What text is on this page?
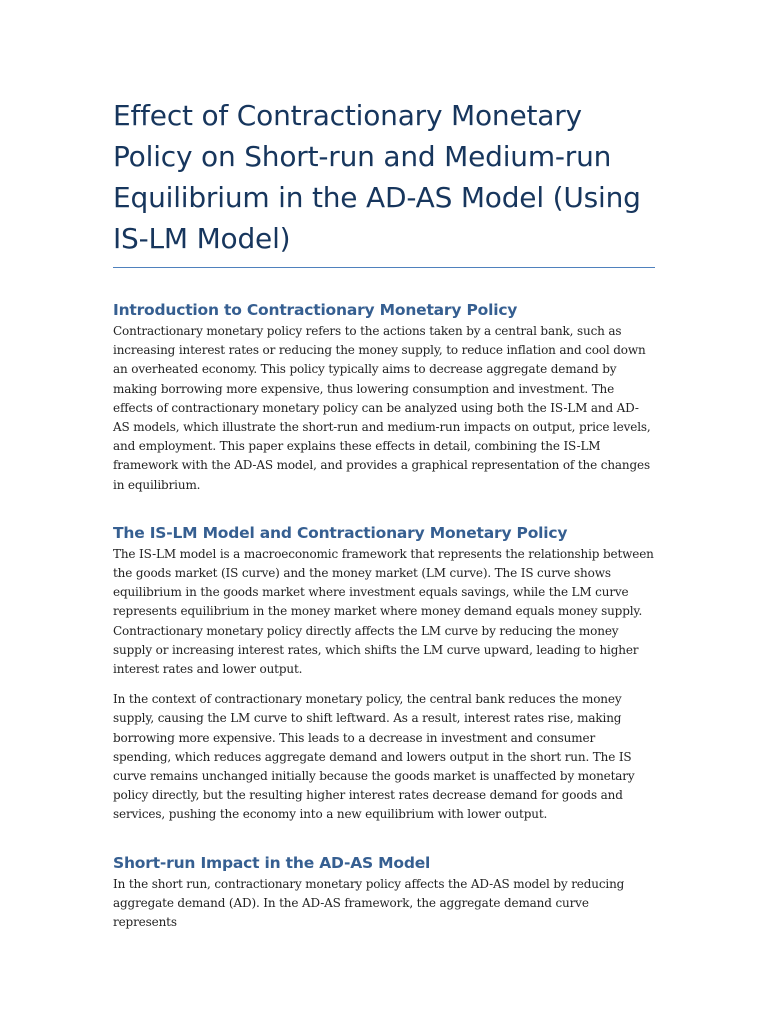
Effect of Contractionary Monetary Policy on Short-run and Medium-run Equilibrium in the AD-AS Model (Using IS-LM Model)
Introduction to Contractionary Monetary Policy

Contractionary monetary policy refers to the actions taken by a central bank, such as increasing interest rates or reducing the money supply, to reduce inflation and cool down an overheated economy. This policy typically aims to decrease aggregate demand by making borrowing more expensive, thus lowering consumption and investment. The effects of contractionary monetary policy can be analyzed using both the IS-LM and AD-AS models, which illustrate the short-run and medium-run impacts on output, price levels, and employment. This paper explains these effects in detail, combining the IS-LM framework with the AD-AS model, and provides a graphical representation of the changes in equilibrium.

The IS-LM Model and Contractionary Monetary Policy

The IS-LM model is a macroeconomic framework that represents the relationship between the goods market (IS curve) and the money market (LM curve). The IS curve shows equilibrium in the goods market where investment equals savings, while the LM curve represents equilibrium in the money market where money demand equals money supply. Contractionary monetary policy directly affects the LM curve by reducing the money supply or increasing interest rates, which shifts the LM curve upward, leading to higher interest rates and lower output.

In the context of contractionary monetary policy, the central bank reduces the money supply, causing the LM curve to shift leftward. As a result, interest rates rise, making borrowing more expensive. This leads to a decrease in investment and consumer spending, which reduces aggregate demand and lowers output in the short run. The IS curve remains unchanged initially because the goods market is unaffected by monetary policy directly, but the resulting higher interest rates decrease demand for goods and services, pushing the economy into a new equilibrium with lower output.

Short-run Impact in the AD-AS Model

In the short run, contractionary monetary policy affects the AD-AS model by reducing aggregate demand (AD). In the AD-AS framework, the aggregate demand curve represents
